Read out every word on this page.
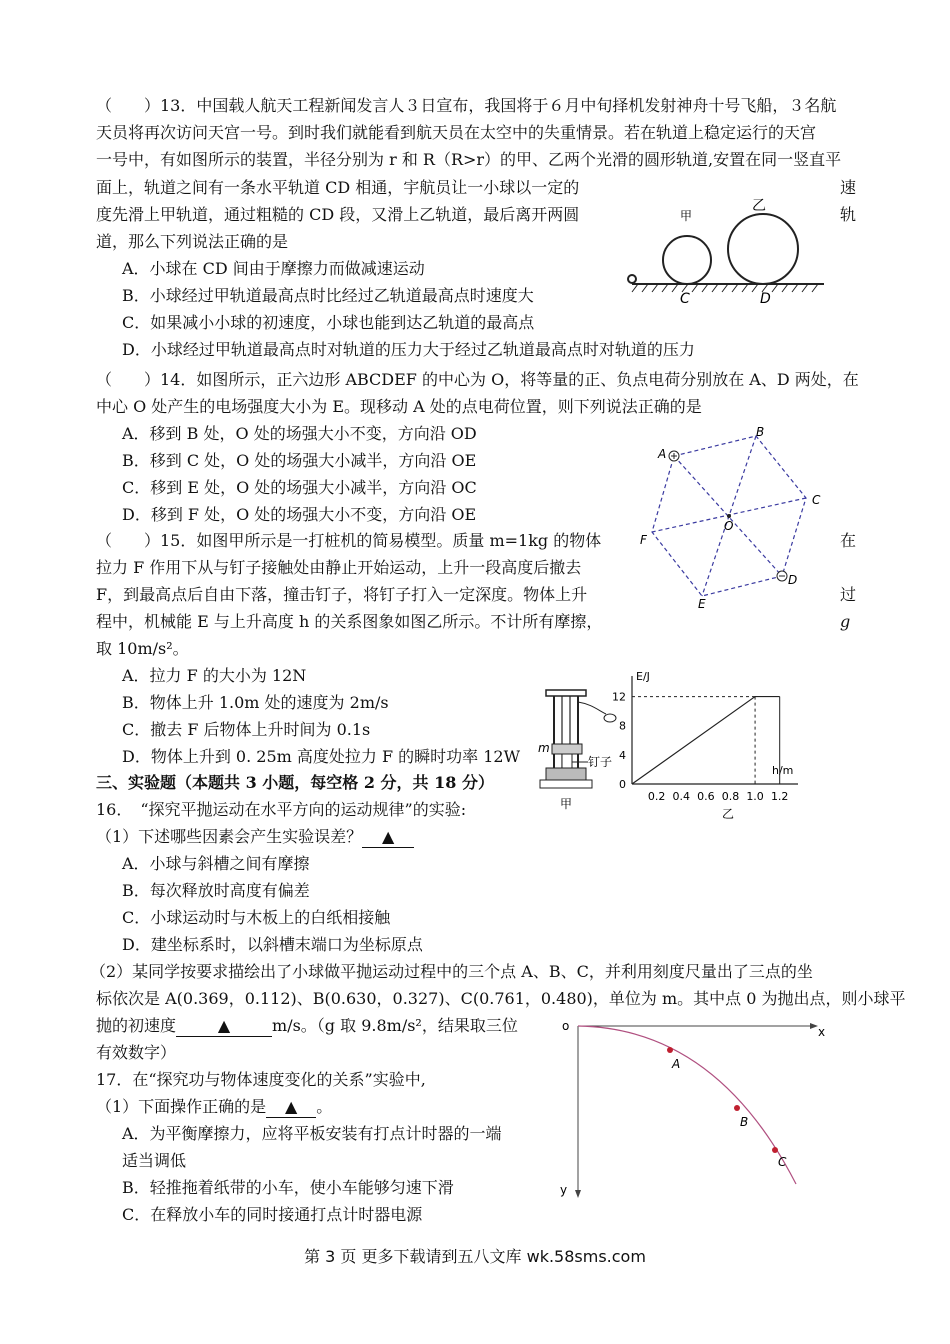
（　　）13．中国载人航天工程新闻发言人３日宣布，我国将于６月中旬择机发射神舟十号飞船，３名航
天员将再次访问天宫一号。到时我们就能看到航天员在太空中的失重情景。若在轨道上稳定运行的天宫
一号中，有如图所示的装置，半径分别为 r 和 R（R>r）的甲、乙两个光滑的圆形轨道,安置在同一竖直平
面上，轨道之间有一条水平轨道 CD 相通，宇航员让一小球以一定的	速
度先滑上甲轨道，通过粗糙的 CD 段，又滑上乙轨道，最后离开两圆	轨
道，那么下列说法正确的是
A．小球在 CD 间由于摩擦力而做减速运动
B．小球经过甲轨道最高点时比经过乙轨道最高点时速度大
C．如果减小小球的初速度，小球也能到达乙轨道的最高点
D．小球经过甲轨道最高点时对轨道的压力大于经过乙轨道最高点时对轨道的压力
甲
乙
C	D
（　　）14．如图所示，正六边形 ABCDEF 的中心为 O，将等量的正、负点电荷分别放在 A、D 两处，在
中心 O 处产生的电场强度大小为 E。现移动 A 处的点电荷位置，则下列说法正确的是
A．移到 B 处，O 处的场强大小不变，方向沿 OD
B．移到 C 处，O 处的场强大小减半，方向沿 OE
C．移到 E 处，O 处的场强大小减半，方向沿 OC
D．移到 F 处，O 处的场强大小不变，方向沿 OE
A
B
C
D
E
F
O
（　　）15．如图甲所示是一打桩机的简易模型。质量 m=1kg 的物体	在
拉力 F 作用下从与钉子接触处由静止开始运动，上升一段高度后撤去
F，到最高点后自由下落，撞击钉子，将钉子打入一定深度。物体上升	过
程中，机械能 E 与上升高度 h 的关系图象如图乙所示。不计所有摩擦，	g
取 10m/s²。
A．拉力 F 的大小为 12N
B．物体上升 1.0m 处的速度为 2m/s
C．撤去 F 后物体上升时间为 0.1s
D．物体上升到 0. 25m 高度处拉力 F 的瞬时功率 12W m
钉子
甲
E/J
h/m
0
4
8
12
0.2 0.4 0.6 0.8 1.0 1.2
乙
三、实验题（本题共 3 小题，每空格 2 分，共 18 分）
16．　“探究平抛运动在水平方向的运动规律”的实验:
（1）下述哪些因素会产生实验误差？ ▲
A．小球与斜槽之间有摩擦
B．每次释放时高度有偏差
C．小球运动时与木板上的白纸相接触
D．建坐标系时，以斜槽末端口为坐标原点
（2）某同学按要求描绘出了小球做平抛运动过程中的三个点 A、B、C，并利用刻度尺量出了三点的坐
标依次是 A(0.369，0.112)、B(0.630，0.327)、C(0.761，0.480)，单位为 m。其中点 0 为抛出点，则小球平
抛的初速度	▲	m/s。（g 取 9.8m/s²，结果取三位
有效数字）
o	x
y
A
B
C
17．在“探究功与物体速度变化的关系”实验中,
（1）下面操作正确的是 ▲ 。
A．为平衡摩擦力，应将平板安装有打点计时器的一端
适当调低
B．轻推拖着纸带的小车，使小车能够匀速下滑
C．在释放小车的同时接通打点计时器电源
第 3 页 更多下载请到五八文库 wk.58sms.com
